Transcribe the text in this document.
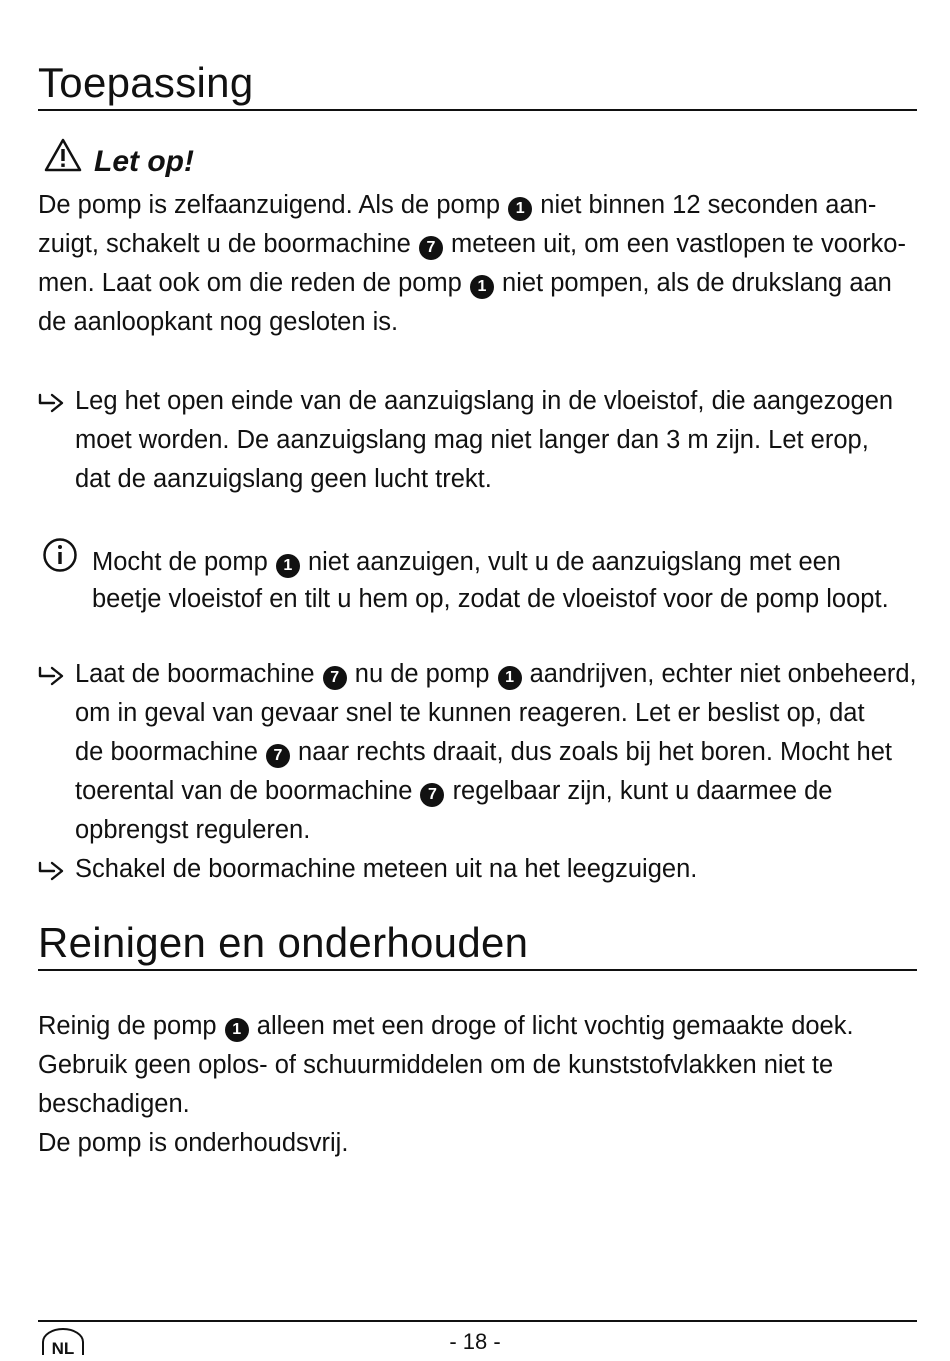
Toepassing
Let op!
De pomp is zelfaanzuigend. Als de pomp 1 niet binnen 12 seconden aan-
zuigt, schakelt u de boormachine 7 meteen uit, om een vastlopen te voorko-
men. Laat ook om die reden de pomp 1 niet pompen, als de drukslang aan
de aanloopkant nog gesloten is.
Leg het open einde van de aanzuigslang in de vloeistof, die aangezogen
moet worden. De aanzuigslang mag niet langer dan 3 m zijn. Let erop,
dat de aanzuigslang geen lucht trekt.
Mocht de pomp 1 niet aanzuigen, vult u de aanzuigslang met een
beetje vloeistof en tilt u hem op, zodat de vloeistof voor de pomp loopt.
Laat de boormachine 7 nu de pomp 1 aandrijven, echter niet onbeheerd,
om in geval van gevaar snel te kunnen reageren. Let er beslist op, dat
de boormachine 7 naar rechts draait, dus zoals bij het boren. Mocht het
toerental van de boormachine 7 regelbaar zijn, kunt u daarmee de
opbrengst reguleren.
Schakel de boormachine meteen uit na het leegzuigen.
Reinigen en onderhouden
Reinig de pomp 1 alleen met een droge of licht vochtig gemaakte doek.
Gebruik geen oplos- of schuurmiddelen om de kunststofvlakken niet te
beschadigen.
De pomp is onderhoudsvrij.
NL	- 18 -
